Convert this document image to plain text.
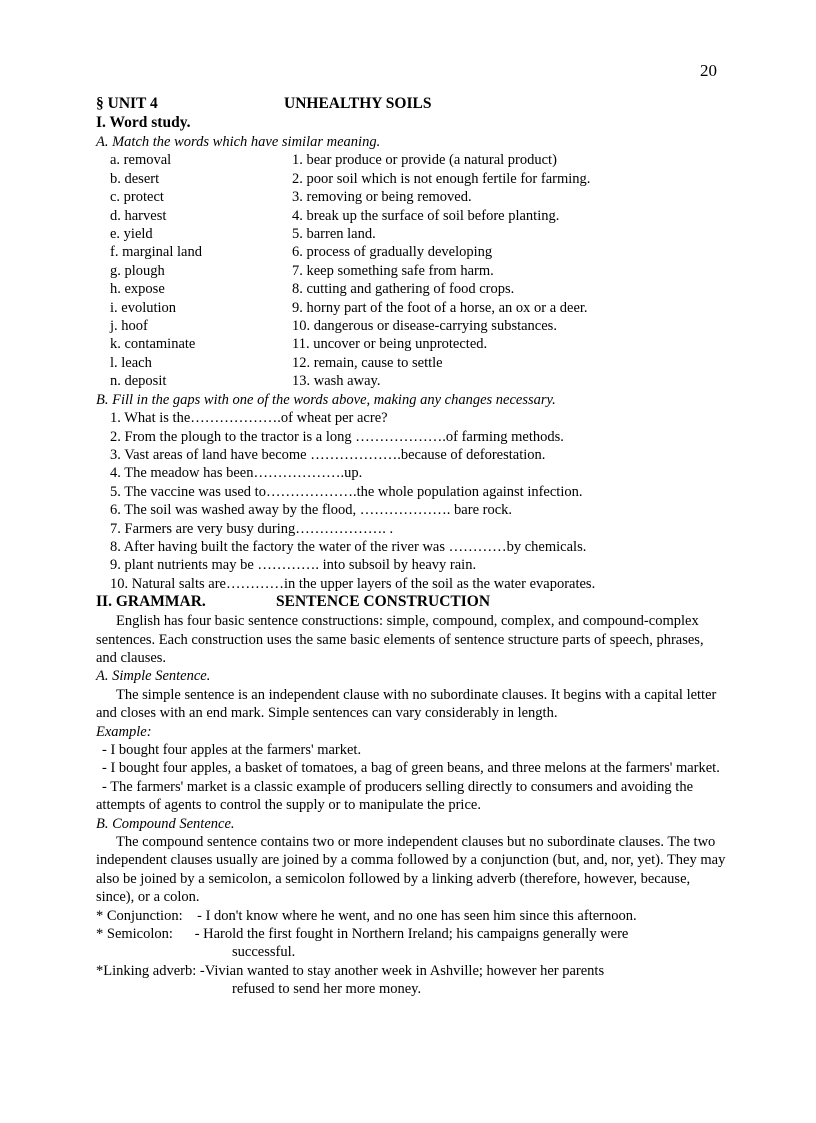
20
§ UNIT 4	UNHEALTHY SOILS
I. Word study.
A. Match the words which have similar meaning.
a. removal	1. bear produce or provide (a natural product)
b. desert	2. poor soil which is not enough fertile for farming.
c. protect	3. removing or being removed.
d. harvest	4. break up the surface of soil before planting.
e. yield	5. barren land.
f. marginal land	6. process of gradually developing
g. plough	7. keep something safe from harm.
h. expose	8. cutting and gathering of food crops.
i. evolution	9. horny part of the foot of a horse, an ox or a deer.
j. hoof	10. dangerous or disease-carrying substances.
k. contaminate	11. uncover or being unprotected.
l. leach	12. remain, cause to settle
n. deposit	13. wash away.
B. Fill in the gaps with one of the words above, making any changes necessary.
1. What is the……………….of wheat per acre?
2. From the plough to the tractor is a long ……………….of farming methods.
3. Vast areas of land have become ……………….because of deforestation.
4. The meadow has been……………….up.
5. The vaccine was used to……………….the whole population against infection.
6. The soil was washed away by the flood, ………………. bare rock.
7. Farmers are very busy during………………. .
8. After having built the factory the water of the river was …………by chemicals.
9. plant nutrients may be …………. into subsoil by heavy rain.
10. Natural salts are…………in the upper layers of the soil as the water evaporates.
II. GRAMMAR.	SENTENCE CONSTRUCTION

English has four basic sentence constructions: simple, compound, complex, and compound-complex sentences. Each construction uses the same basic elements of sentence structure parts of speech, phrases, and clauses.

A. Simple Sentence.

The simple sentence is an independent clause with no subordinate clauses. It begins with a capital letter and closes with an end mark. Simple sentences can vary considerably in length.

Example:

- I bought four apples at the farmers' market.

- I bought four apples, a basket of tomatoes, a bag of green beans, and three melons at the farmers' market.

- The farmers' market is a classic example of producers selling directly to consumers and avoiding the attempts of agents to control the supply or to manipulate the price.

B. Compound Sentence.

The compound sentence contains two or more independent clauses but no subordinate clauses. The two independent clauses usually are joined by a comma followed by a conjunction (but, and, nor, yet). They may also be joined by a semicolon, a semicolon followed by a linking adverb (therefore, however, because, since), or a colon.

* Conjunction: - I don't know where he went, and no one has seen him since this afternoon.
* Semicolon: - Harold the first fought in Northern Ireland; his campaigns generally were
successful.
*Linking adverb: -Vivian wanted to stay another week in Ashville; however her parents
refused to send her more money.
